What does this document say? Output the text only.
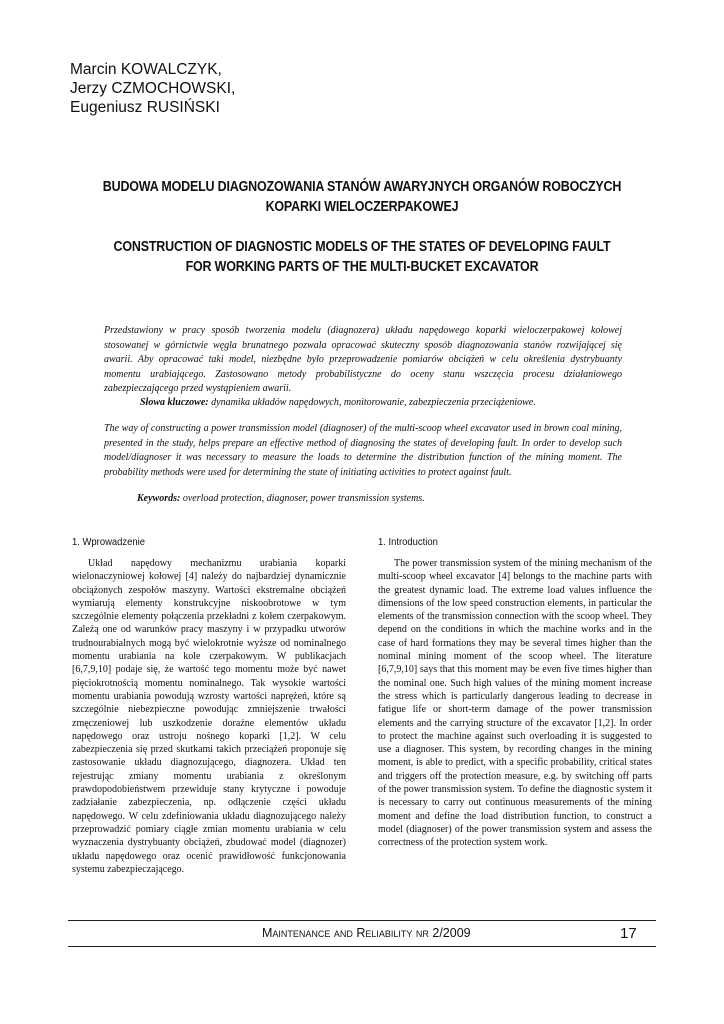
Marcin KOWALCZYK,
Jerzy CZMOCHOWSKI,
Eugeniusz RUSIŃSKI
BUDOWA MODELU DIAGNOZOWANIA STANÓW AWARYJNYCH ORGANÓW ROBOCZYCH KOPARKI WIELOCZERPAKOWEJ
CONSTRUCTION OF DIAGNOSTIC MODELS OF THE STATES OF DEVELOPING FAULT FOR WORKING PARTS OF THE MULTI-BUCKET EXCAVATOR
Przedstawiony w pracy sposób tworzenia modelu (diagnozera) układu napędowego koparki wieloczerpakowej kołowej stosowanej w górnictwie węgla brunatnego pozwala opracować skuteczny sposób diagnozowania stanów rozwijającej się awarii. Aby opracować taki model, niezbędne było przeprowadzenie pomiarów obciążeń w celu określenia dystrybuanty momentu urabiającego. Zastosowano metody probabilistyczne do oceny stanu wszczęcia procesu działaniowego zabezpieczającego przed wystąpieniem awarii.
Słowa kluczowe: dynamika układów napędowych, monitorowanie, zabezpieczenia przeciążeniowe.
The way of constructing a power transmission model (diagnoser) of the multi-scoop wheel excavator used in brown coal mining, presented in the study, helps prepare an effective method of diagnosing the states of developing fault. In order to develop such model/diagnoser it was necessary to measure the loads to determine the distribution function of the mining moment. The probability methods were used for determining the state of initiating activities to protect against fault.
Keywords: overload protection, diagnoser, power transmission systems.
1. Wprowadzenie
Układ napędowy mechanizmu urabiania koparki wielonaczyniowej kołowej [4] należy do najbardziej dynamicznie obciążonych zespołów maszyny. Wartości ekstremalne obciążeń wymiarują elementy konstrukcyjne niskoobrotowe w tym szczególnie elementy połączenia przekładni z kołem czerpakowym. Zależą one od warunków pracy maszyny i w przypadku utworów trudnourabialnych mogą być wielokrotnie wyższe od nominalnego momentu urabiania na kole czerpakowym. W publikacjach [6,7,9,10] podaje się, że wartość tego momentu może być nawet pięciokrotnością momentu nominalnego. Tak wysokie wartości momentu urabiania powodują wzrosty wartości naprężeń, które są szczególnie niebezpieczne powodując zmniejszenie trwałości zmęczeniowej lub uszkodzenie doraźne elementów układu napędowego oraz ustroju nośnego koparki [1,2]. W celu zabezpieczenia się przed skutkami takich przeciążeń proponuje się zastosowanie układu diagnozującego, diagnozera. Układ ten rejestrując zmiany momentu urabiania z określonym prawdopodobieństwem przewiduje stany krytyczne i powoduje zadziałanie zabezpieczenia, np. odłączenie części układu napędowego. W celu zdefiniowania układu diagnozującego należy przeprowadzić pomiary ciągłe zmian momentu urabiania w celu wyznaczenia dystrybuanty obciążeń, zbudować model (diagnozer) układu napędowego oraz ocenić prawidłowość funkcjonowania systemu zabezpieczającego.
1. Introduction
The power transmission system of the mining mechanism of the multi-scoop wheel excavator [4] belongs to the machine parts with the greatest dynamic load. The extreme load values influence the dimensions of the low speed construction elements, in particular the elements of the transmission connection with the scoop wheel. They depend on the conditions in which the machine works and in the case of hard formations they may be several times higher than the nominal mining moment of the scoop wheel. The literature [6,7,9,10] says that this moment may be even five times higher than the nominal one. Such high values of the mining moment increase the stress which is particularly dangerous leading to decrease in fatigue life or short-term damage of the power transmission elements and the carrying structure of the excavator [1,2]. In order to protect the machine against such overloading it is suggested to use a diagnoser. This system, by recording changes in the mining moment, is able to predict, with a specific probability, critical states and triggers off the protection measure, e.g. by switching off parts of the power transmission system. To define the diagnostic system it is necessary to carry out continuous measurements of the mining moment and define the load distribution function, to construct a model (diagnoser) of the power transmission system and assess the correctness of the protection system work.
Maintenance and Reliability nr 2/2009	17
